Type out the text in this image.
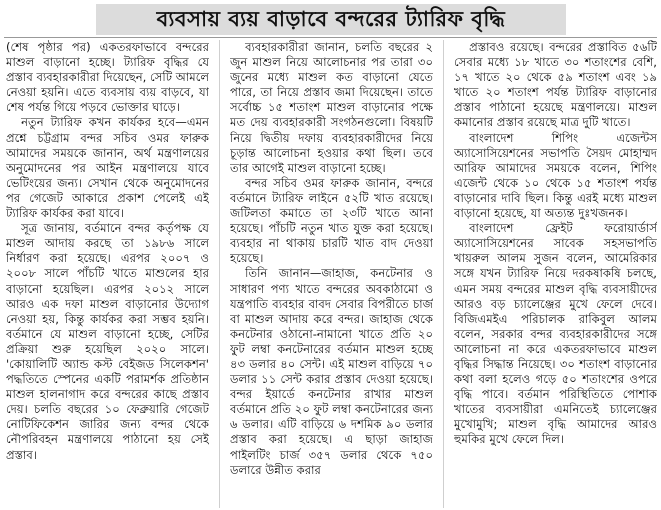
ব্যবসায় ব্যয় বাড়াবে বন্দরের ট্যারিফ বৃদ্ধি

(শেষ পৃষ্ঠার পর) একতরফাভাবে বন্দরের মাশুল বাড়ানো হচ্ছে। ট্যারিফ বৃদ্ধির যে প্রস্তাব ব্যবহারকারীরা দিয়েছেন, সেটি আমলে নেওয়া হয়নি। এতে ব্যবসায় ব্যয় বাড়বে, যা শেষ পর্যন্ত গিয়ে পড়বে ভোক্তার ঘাড়ে।

নতুন ট্যারিফ কখন কার্যকর হবে—এমন প্রশ্নে চট্টগ্রাম বন্দর সচিব ওমর ফারুক আমাদের সময়কে জানান, অর্থ মন্ত্রণালয়ের অনুমোদনের পর আইন মন্ত্রণালয়ে যাবে ভেটিংয়ের জন্য। সেখান থেকে অনুমোদনের পর গেজেট আকারে প্রকাশ পেলেই এই ট্যারিফ কার্যকর করা যাবে।

সূত্র জানায়, বর্তমানে বন্দর কর্তৃপক্ষ যে মাশুল আদায় করছে তা ১৯৮৬ সালে নির্ধারণ করা হয়েছে। এরপর ২০০৭ ও ২০০৮ সালে পাঁচটি খাতে মাশুলের হার বাড়ানো হয়েছিল। এরপর ২০১২ সালে আরও এক দফা মাশুল বাড়ানোর উদ্যোগ নেওয়া হয়, কিন্তু কার্যকর করা সম্ভব হয়নি। বর্তমানে যে মাশুল বাড়ানো হচ্ছে, সেটির প্রক্রিয়া শুরু হয়েছিল ২০২০ সালে। 'কোয়ালিটি অ্যান্ড কস্ট বেইজড সিলেকশন' পদ্ধতিতে স্পেনের একটি পরামর্শক প্রতিষ্ঠান মাশুল হালনাগাদ করে বন্দরের কাছে প্রস্তাব দেয়। চলতি বছরের ১০ ফেব্রুয়ারি গেজেট নোটিফিকেশন জারির জন্য বন্দর থেকে নৌপরিবহন মন্ত্রণালয়ে পাঠানো হয় সেই প্রস্তাব।

ব্যবহারকারীরা জানান, চলতি বছরের ২ জুন মাশুল নিয়ে আলোচনার পর তারা ৩০ জুনের মধ্যে মাশুল কত বাড়ানো যেতে পারে, তা নিয়ে প্রস্তাব জমা দিয়েছেন। তাতে সর্বোচ্চ ১৫ শতাংশ মাশুল বাড়ানোর পক্ষে মত দেয় ব্যবহারকারী সংগঠনগুলো। বিষয়টি নিয়ে দ্বিতীয় দফায় ব্যবহারকারীদের নিয়ে চূড়ান্ত আলোচনা হওয়ার কথা ছিল। তবে তার আগেই মাশুল বাড়ানো হচ্ছে।

বন্দর সচিব ওমর ফারুক জানান, বন্দরে বর্তমানে ট্যারিফ লাইনে ৫২টি খাত রয়েছে। জটিলতা কমাতে তা ২৩টি খাতে আনা হয়েছে। পাঁচটি নতুন খাত যুক্ত করা হয়েছে। ব্যবহার না থাকায় চারটি খাত বাদ দেওয়া হয়েছে।

তিনি জানান—জাহাজ, কনটেনার ও সাধারণ পণ্য খাতে বন্দরের অবকাঠামো ও যন্ত্রপাতি ব্যবহার বাবদ সেবার বিপরীতে চার্জ বা মাশুল আদায় করে বন্দর। জাহাজ থেকে কনটেনার ওঠানো-নামানো খাতে প্রতি ২০ ফুট লম্বা কনটেনারের বর্তমান মাশুল হচ্ছে ৪৩ ডলার ৪০ সেন্ট। এই মাশুল বাড়িয়ে ৭০ ডলার ১১ সেন্ট করার প্রস্তাব দেওয়া হয়েছে। বন্দর ইয়ার্ডে কনটেনার রাখার মাশুল বর্তমানে প্রতি ২০ ফুট লম্বা কনটেনারের জন্য ৬ ডলার। এটি বাড়িয়ে ৬ দশমিক ৯০ ডলার প্রস্তাব করা হয়েছে। এ ছাড়া জাহাজ পাইলটিং চার্জ ৩৫৭ ডলার থেকে ৭৫০ ডলারে উন্নীত করার

প্রস্তাবও রয়েছে। বন্দরের প্রস্তাবিত ৫৬টি সেবার মধ্যে ১৮ খাতে ৩০ শতাংশের বেশি, ১৭ খাতে ২০ থেকে ৫৯ শতাংশ এবং ১৯ খাতে ২০ শতাংশ পর্যন্ত ট্যারিফ বাড়ানোর প্রস্তাব পাঠানো হয়েছে মন্ত্রণালয়ে। মাশুল কমানোর প্রস্তাব রয়েছে মাত্র দুটি খাতে।

বাংলাদেশ শিপিং এজেন্টস অ্যাসোসিয়েশনের সভাপতি সৈয়দ মোহাম্মদ আরিফ আমাদের সময়কে বলেন, শিপিং এজেন্ট থেকে ১০ থেকে ১৫ শতাংশ পর্যন্ত বাড়ানোর দাবি ছিল। কিন্তু এরই মধ্যে মাশুল বাড়ানো হয়েছে, যা অত্যন্ত দুঃখজনক।

বাংলাদেশ ফ্রেইট ফরোয়ার্ডার্স অ্যাসোসিয়েশনের সাবেক সহসভাপতি খায়রুল আলম সুজন বলেন, আমেরিকার সঙ্গে যখন ট্যারিফ নিয়ে দরকষাকষি চলছে, এমন সময় বন্দরের মাশুল বৃদ্ধি ব্যবসায়ীদের আরও বড় চ্যালেঞ্জের মুখে ফেলে দেবে। বিজিএমইএ পরিচালক রাকিবুল আলম বলেন, সরকার বন্দর ব্যবহারকারীদের সঙ্গে আলোচনা না করে একতরফাভাবে মাশুল বৃদ্ধির সিদ্ধান্ত নিয়েছে। ৩০ শতাংশ বাড়ানোর কথা বলা হলেও গড়ে ৫০ শতাংশের ওপরে বৃদ্ধি পাবে। বর্তমান পরিস্থিতিতে পোশাক খাতের ব্যবসায়ীরা এমনিতেই চ্যালেঞ্জের মুখোমুখি; মাশুল বৃদ্ধি আমাদের আরও হুমকির মুখে ফেলে দিল।
